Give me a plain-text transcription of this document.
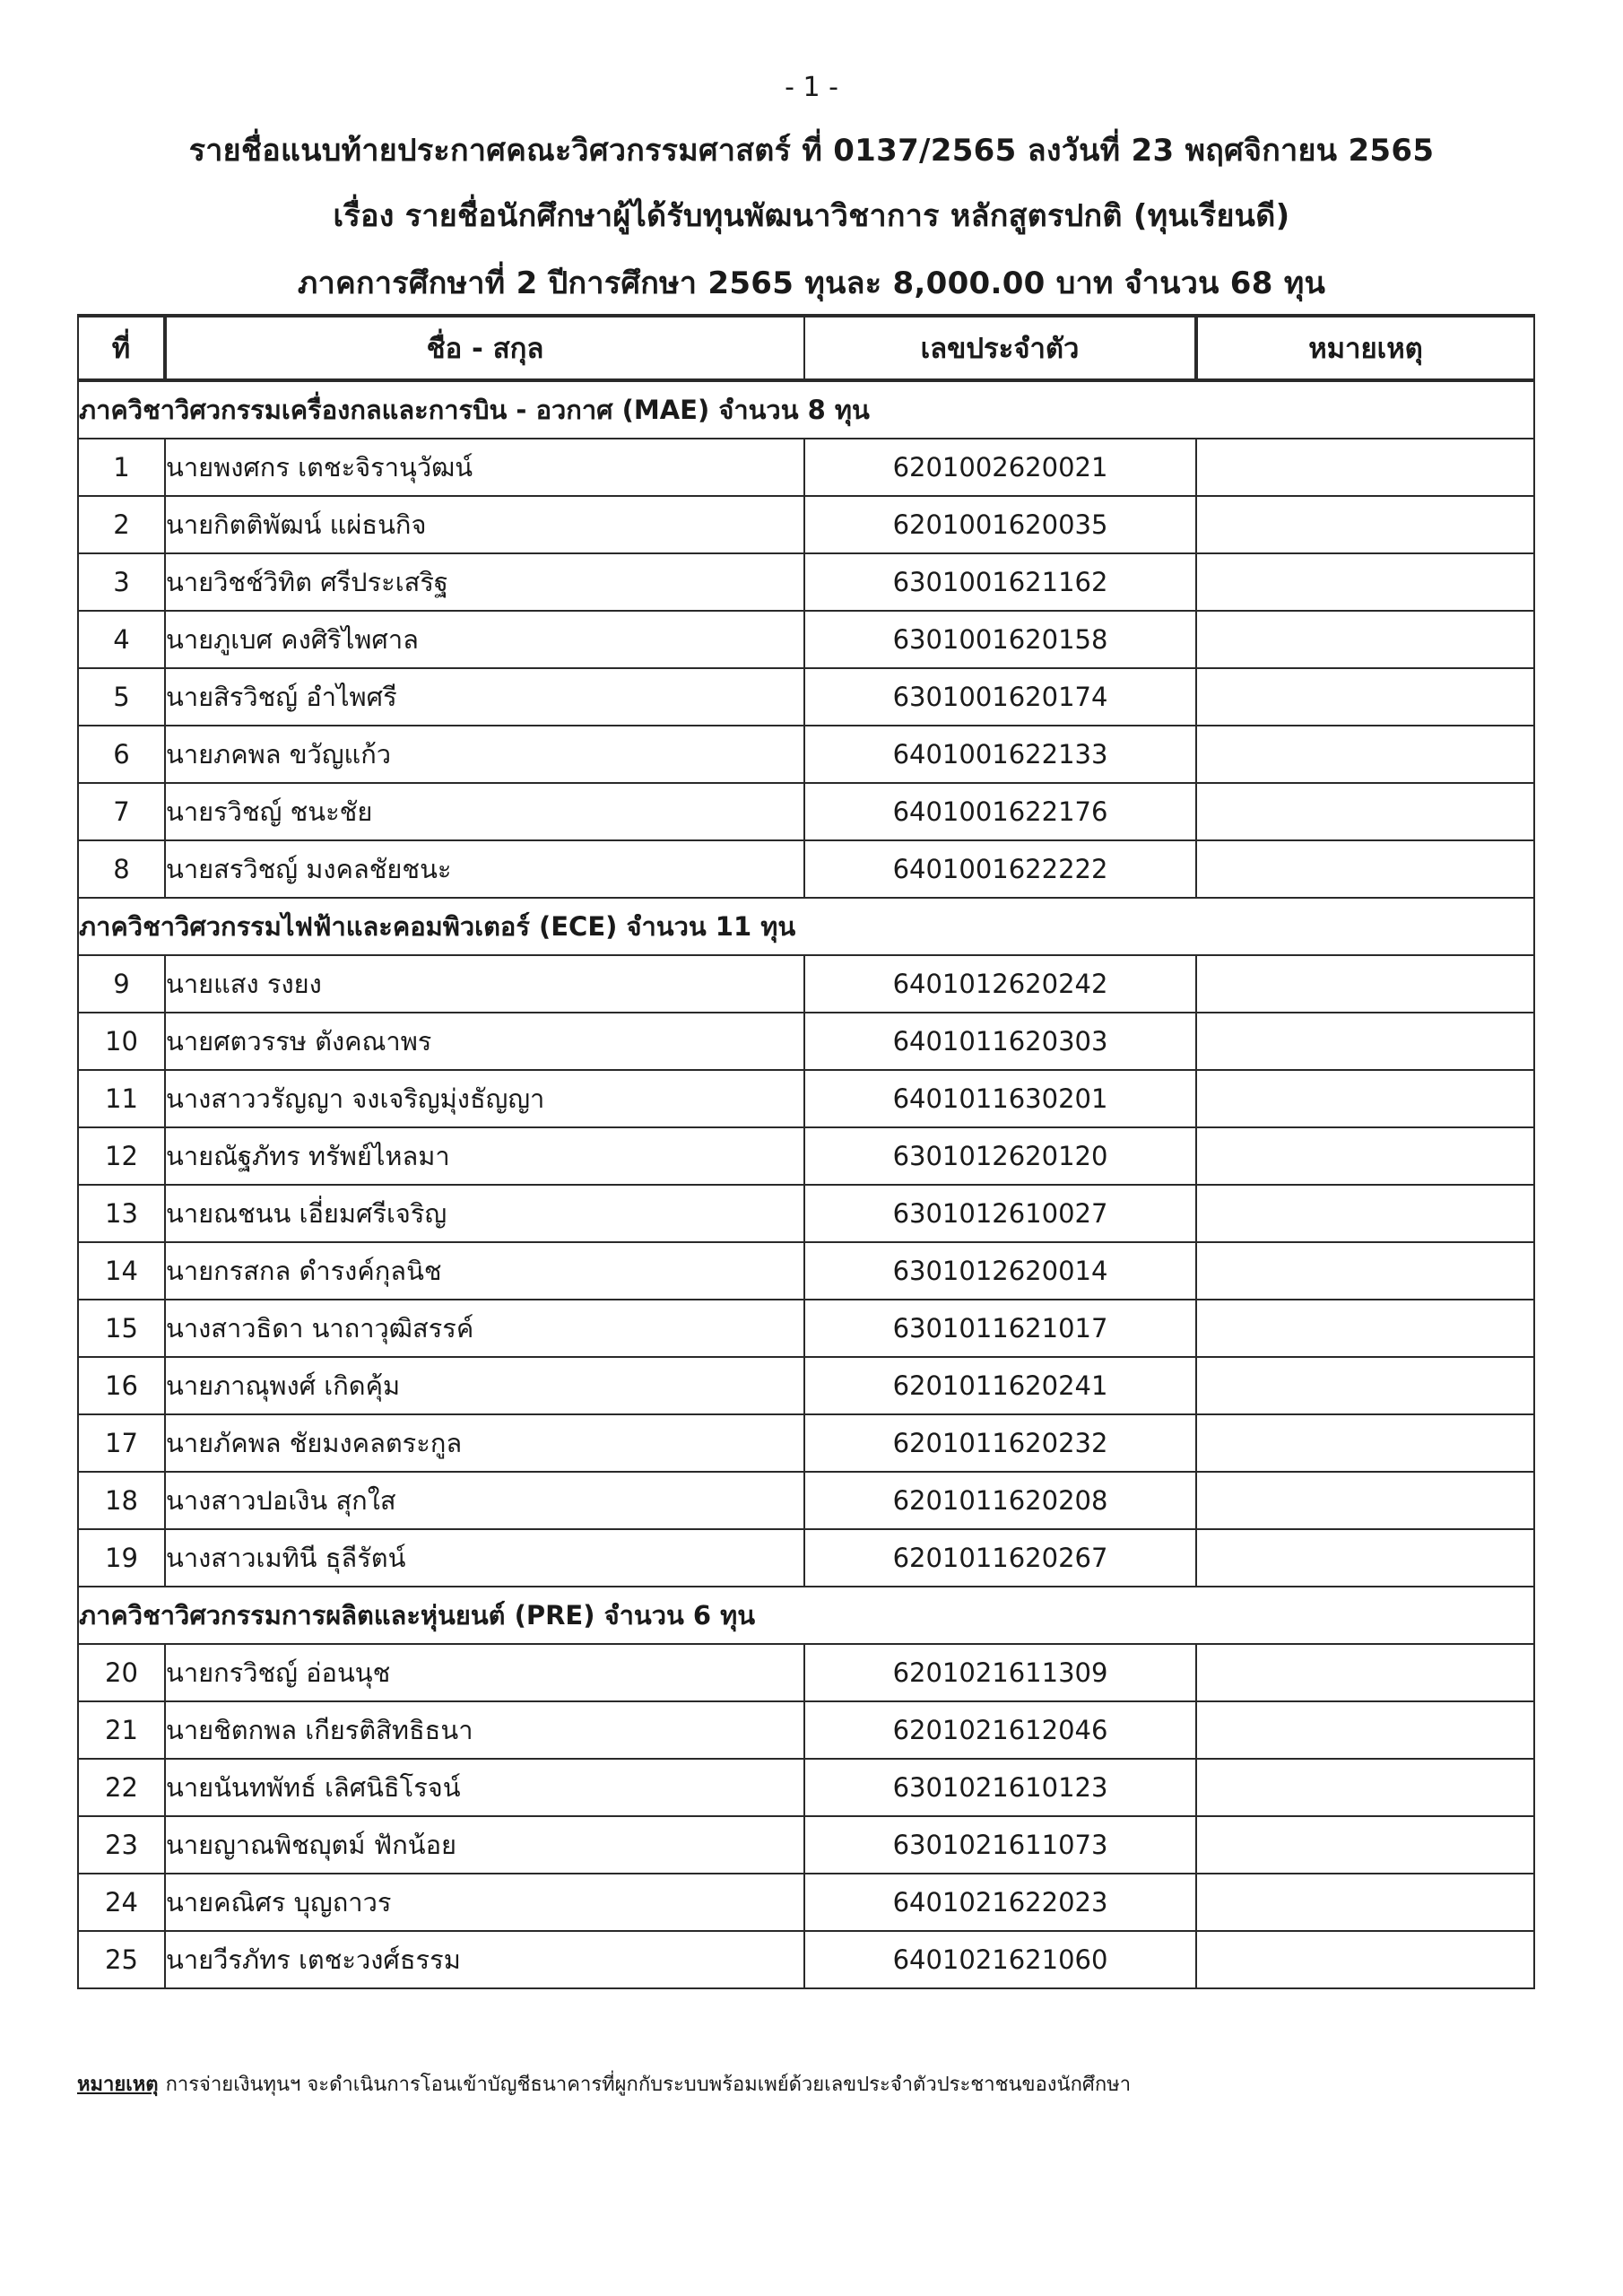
- 1 -
รายชื่อแนบท้ายประกาศคณะวิศวกรรมศาสตร์ ที่ 0137/2565 ลงวันที่ 23 พฤศจิกายน 2565
เรื่อง รายชื่อนักศึกษาผู้ได้รับทุนพัฒนาวิชาการ หลักสูตรปกติ (ทุนเรียนดี)
ภาคการศึกษาที่ 2 ปีการศึกษา 2565 ทุนละ 8,000.00 บาท จำนวน 68 ทุน
ที่	ชื่อ - สกุล	เลขประจำตัว	หมายเหตุ
ภาควิชาวิศวกรรมเครื่องกลและการบิน - อวกาศ (MAE) จำนวน 8 ทุน			
1	นายพงศกร เตชะจิรานุวัฒน์	6201002620021	
2	นายกิตติพัฒน์ แผ่ธนกิจ	6201001620035	
3	นายวิชช์วิทิต ศรีประเสริฐ	6301001621162	
4	นายภูเบศ คงศิริไพศาล	6301001620158	
5	นายสิรวิชญ์ อำไพศรี	6301001620174	
6	นายภคพล ขวัญแก้ว	6401001622133	
7	นายรวิชญ์ ชนะชัย	6401001622176	
8	นายสรวิชญ์ มงคลชัยชนะ	6401001622222	
ภาควิชาวิศวกรรมไฟฟ้าและคอมพิวเตอร์ (ECE) จำนวน 11 ทุน			
9	นายแสง รงยง	6401012620242	
10	นายศตวรรษ ตังคณาพร	6401011620303	
11	นางสาววรัญญา จงเจริญมุ่งธัญญา	6401011630201	
12	นายณัฐภัทร ทรัพย์ไหลมา	6301012620120	
13	นายณชนน เอี่ยมศรีเจริญ	6301012610027	
14	นายกรสกล ดำรงค์กุลนิช	6301012620014	
15	นางสาวธิดา นาถาวุฒิสรรค์	6301011621017	
16	นายภาณุพงศ์ เกิดคุ้ม	6201011620241	
17	นายภัคพล ชัยมงคลตระกูล	6201011620232	
18	นางสาวปอเงิน สุกใส	6201011620208	
19	นางสาวเมทินี ธุลีรัตน์	6201011620267	
ภาควิชาวิศวกรรมการผลิตและหุ่นยนต์ (PRE) จำนวน 6 ทุน			
20	นายกรวิชญ์ อ่อนนุช	6201021611309	
21	นายชิตกพล เกียรติสิทธิธนา	6201021612046	
22	นายนันทพัทธ์ เลิศนิธิโรจน์	6301021610123	
23	นายญาณพิชญุตม์ ฟักน้อย	6301021611073	
24	นายคณิศร บุญถาวร	6401021622023	
25	นายวีรภัทร เตชะวงศ์ธรรม	6401021621060	
หมายเหตุ การจ่ายเงินทุนฯ จะดำเนินการโอนเข้าบัญชีธนาคารที่ผูกกับระบบพร้อมเพย์ด้วยเลขประจำตัวประชาชนของนักศึกษา
